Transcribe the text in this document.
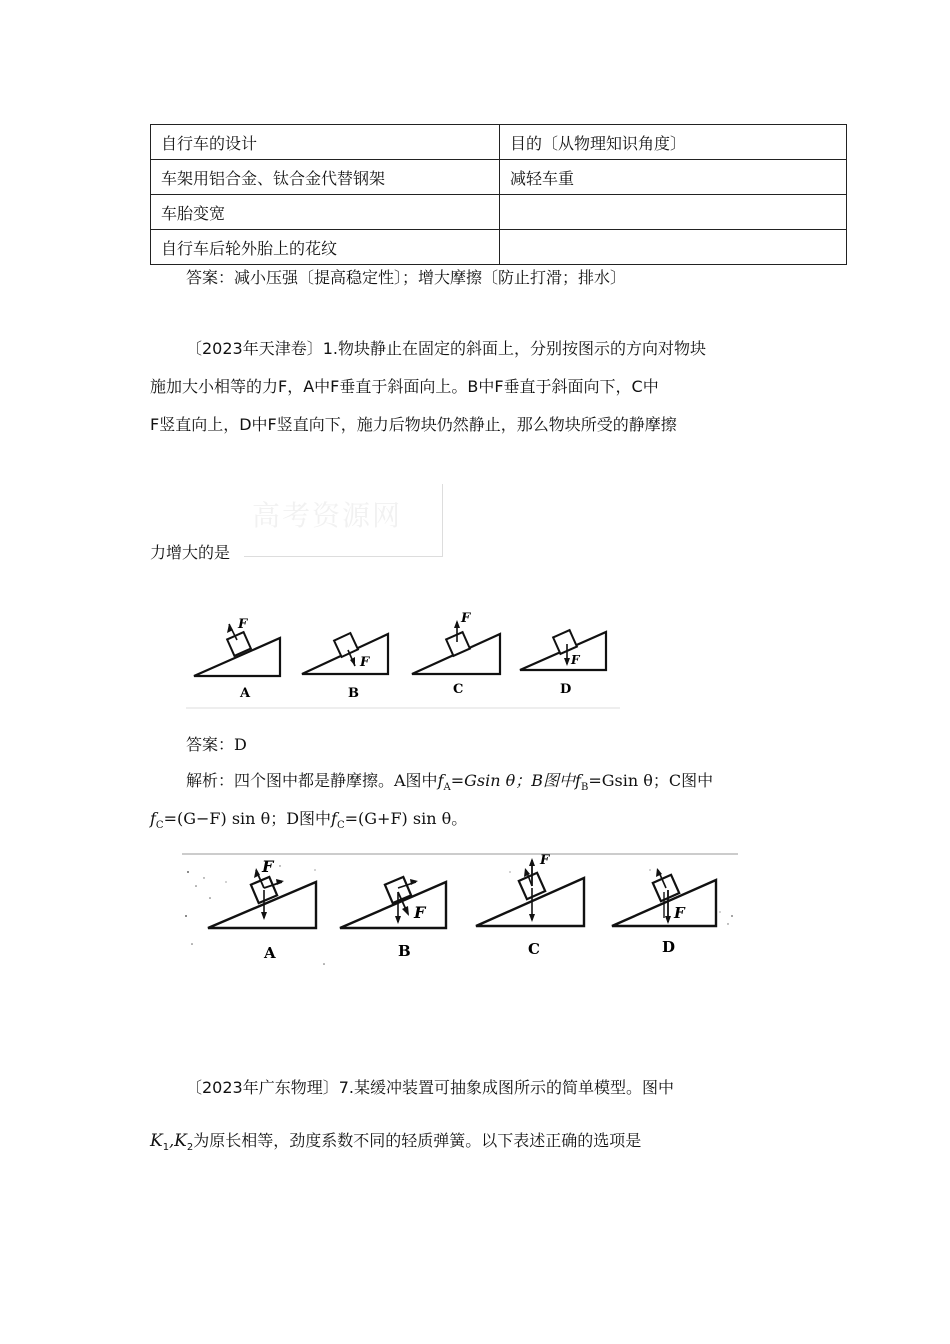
自行车的设计	目的〔从物理知识角度〕
车架用铝合金、钛合金代替钢架	减轻车重
车胎变宽	
自行车后轮外胎上的花纹	
答案：减小压强〔提高稳定性〕；增大摩擦〔防止打滑；排水〕
〔2023年天津卷〕1.物块静止在固定的斜面上，分别按图示的方向对物块
施加大小相等的力F，A中F垂直于斜面向上。B中F垂直于斜面向下，C中
F竖直向上，D中F竖直向下，施力后物块仍然静止，那么物块所受的静摩擦
高考资源网
力增大的是
F
A
F
B
F
C
F
D
答案：D
解析：四个图中都是静摩擦。A图中$f_A=Gsin$ θ；B图中$f_B=Gsin$ θ；C图中
$f_C=(G-F)$ sin θ；D图中$f_C=(G+F)$ sin θ。
F
A
F
B
F
C
F
D
〔2023年广东物理〕7.某缓冲装置可抽象成图所示的简单模型。图中
$K_1,K_2$为原长相等，劲度系数不同的轻质弹簧。以下表述正确的选项是
